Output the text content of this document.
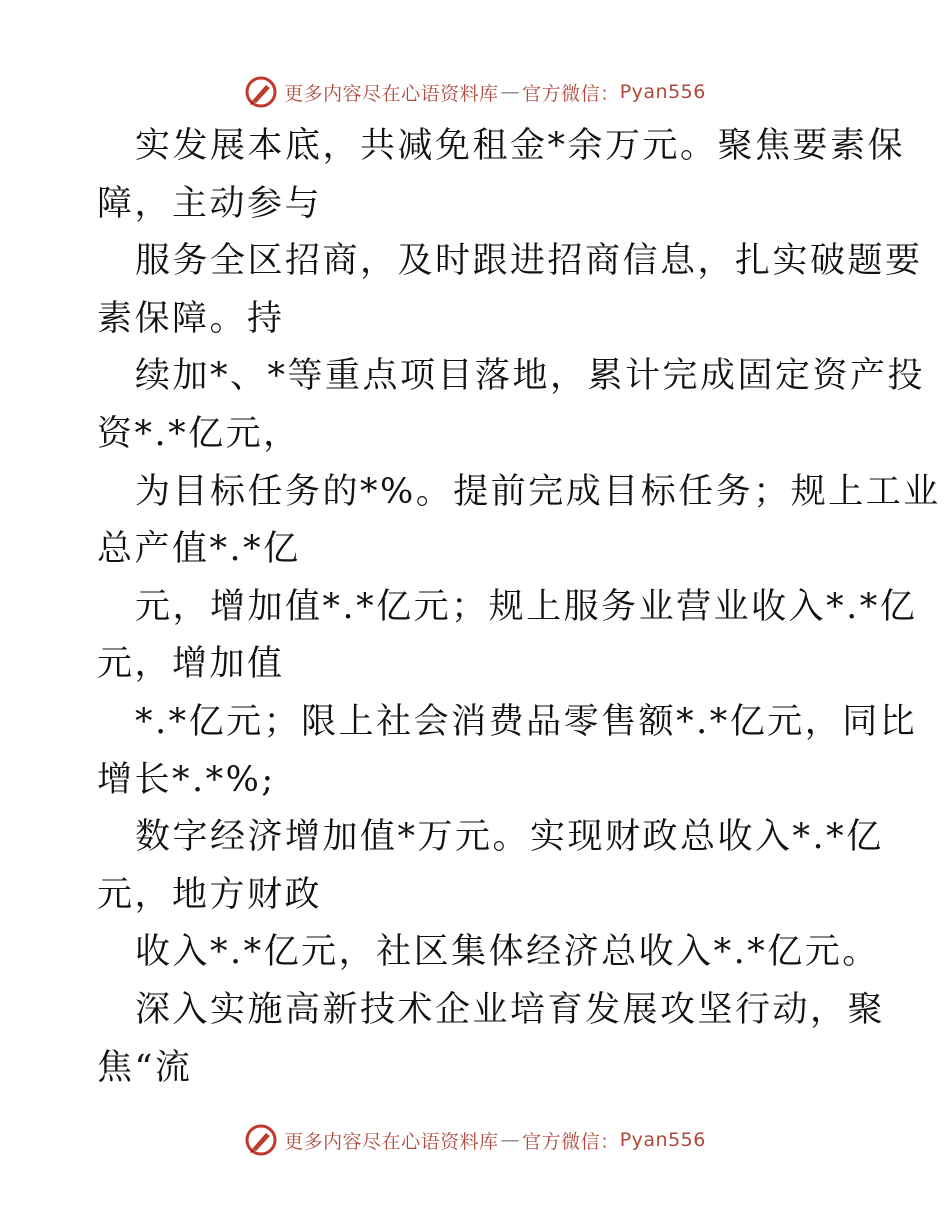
更多内容尽在心语资料库 — 官方微信： Pyan556
实发展本底，共减免租金*余万元。聚焦要素保
障，主动参与
服务全区招商，及时跟进招商信息，扎实破题要
素保障。持
续加*、*等重点项目落地，累计完成固定资产投
资*.*亿元，
为目标任务的*%。提前完成目标任务；规上工业
总产值*.*亿
元，增加值*.*亿元；规上服务业营业收入*.*亿
元，增加值
*.*亿元；限上社会消费品零售额*.*亿元，同比
增长*.*%;
数字经济增加值*万元。实现财政总收入*.*亿
元，地方财政
收入*.*亿元，社区集体经济总收入*.*亿元。
深入实施高新技术企业培育发展攻坚行动，聚
焦“流
更多内容尽在心语资料库 — 官方微信： Pyan556
